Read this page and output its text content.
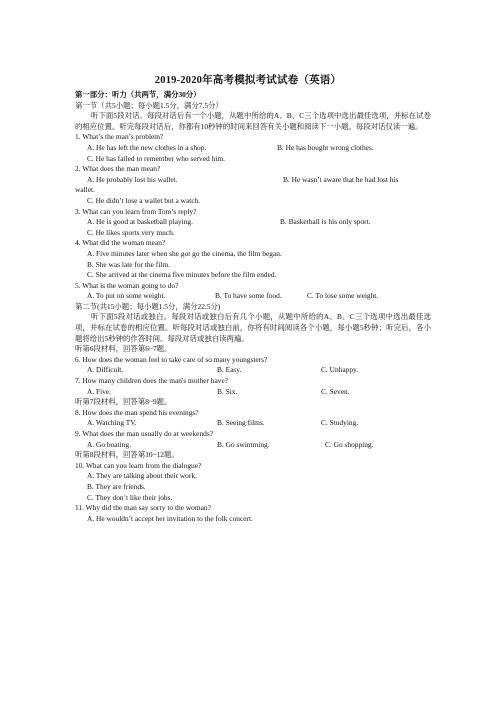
2019-2020年高考模拟考试试卷（英语）
第一部分：听力（共两节，满分30分）
第一节（共5小题；每小题1.5分，满分7.5分）
听下面5段对话。每段对话后有一个小题，从题中所给的A、B、C三个选项中选出最佳选项，并标在试卷的相应位置。听完每段对话后，你都有10秒钟的时间来回答有关小题和阅读下一小题。每段对话仅读一遍。
1. What’s the man’s problem?
A. He has left the new clothes in a shop.	B. He has bought wrong clothes.
C. He has failed to remember who served him.
2. What does the man mean?
A. He probably lost his wallet.	B. He wasn’t aware that he had lost his
wallet.
C. He didn’t lose a wallet but a watch.
3. What can you learn from Tom’s reply?
A. He is good at basketball playing.	B. Basketball is his only sport.
C. He likes sports very much.
4. What did the woman mean?
A. Five minutes later when she got go the cinema, the film began.
B. She was late for the film.
C. She arrived at the cinema five minutes before the film ended.
5. What is the woman going to do?
A. To put on some weight.	B. To have some food.	C. To lose some weight.
第二节(共15小题；每小题1.5分，满分22.5分)
听下面5段对话或独白。每段对话或独白后有几个小题，从题中所给的A、B、C三个选项中选出最佳选项，并标在试卷的相应位置。听每段对话或独白前，你将有时间阅读各个小题，每小题5秒钟；听完后，各小题将给出5秒钟的作答时间。每段对话或独白读两遍。
听第6段材料，回答第6~7题。
6. How does the woman feel to take care of so many youngsters?
A. Difficult.	B. Easy.	C. Unhappy.
7. How many children does the man's mother have?
A. Five.	B. Six.	C. Seven.
听第7段材料，回答第8~9题。
8. How does the man spend his evenings?
A. Watching TV.	B. Seeing films.	C. Studying.
9. What does the man usually do at weekends?
A. Go boating.	B. Go swimming.	C. Go shopping.
听第8段材料，回答第10~12题。
10. What can you learn from the dialogue?
A. They are talking about their work.
B. They are friends.
C. They don’t like their jobs.
11. Why did the man say sorry to the woman?
A. He wouldn’t accept her invitation to the folk concert.
